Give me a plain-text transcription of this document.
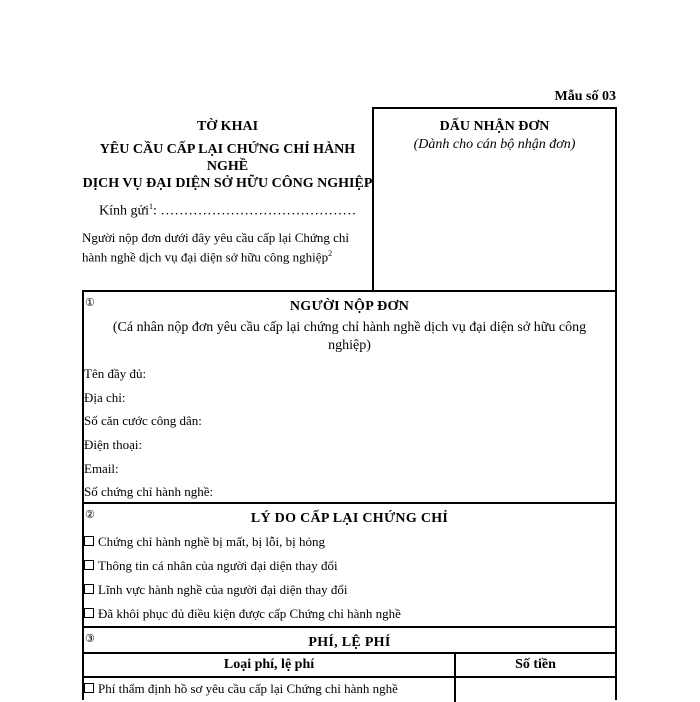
Mẫu số 03
TỜ KHAI
YÊU CẦU CẤP LẠI CHỨNG CHỈ HÀNH NGHỀ
DỊCH VỤ ĐẠI DIỆN SỞ HỮU CÔNG NGHIỆP
Kính gửi$^1$: ……………………………………
Người nộp đơn dưới đây yêu cầu cấp lại Chứng chỉ hành nghề dịch vụ đại diện sở hữu công nghiệp$^2$
DẤU NHẬN ĐƠN
(Dành cho cán bộ nhận đơn)
①	NGƯỜI NỘP ĐƠN
(Cá nhân nộp đơn yêu cầu cấp lại chứng chỉ hành nghề dịch vụ đại diện sở hữu công nghiệp)
Tên đầy đủ:
Địa chỉ:
Số căn cước công dân:
Điện thoại:
Email:
Số chứng chỉ hành nghề:
②	LÝ DO CẤP LẠI CHỨNG CHỈ
Chứng chỉ hành nghề bị mất, bị lỗi, bị hỏng
Thông tin cá nhân của người đại diện thay đổi
Lĩnh vực hành nghề của người đại diện thay đổi
Đã khôi phục đủ điều kiện được cấp Chứng chỉ hành nghề
③	PHÍ, LỆ PHÍ
Loại phí, lệ phí	Số tiền
Phí thẩm định hồ sơ yêu cầu cấp lại Chứng chỉ hành nghề
